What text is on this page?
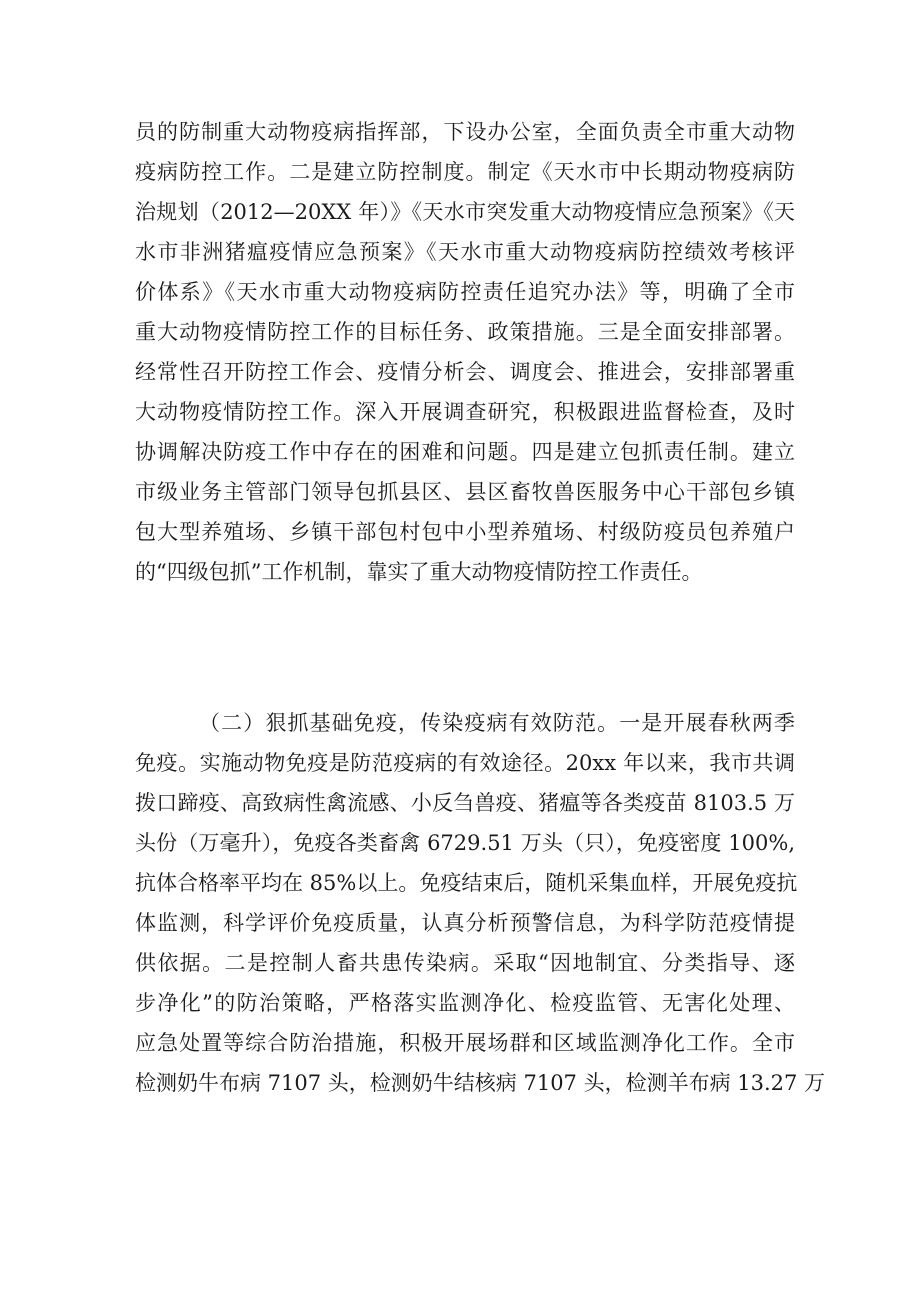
员的防制重大动物疫病指挥部，下设办公室，全面负责全市重大动物
疫病防控工作。二是建立防控制度。制定《天水市中长期动物疫病防
治规划（2012—20XX 年）》《天水市突发重大动物疫情应急预案》《天
水市非洲猪瘟疫情应急预案》《天水市重大动物疫病防控绩效考核评
价体系》《天水市重大动物疫病防控责任追究办法》等，明确了全市
重大动物疫情防控工作的目标任务、政策措施。三是全面安排部署。
经常性召开防控工作会、疫情分析会、调度会、推进会，安排部署重
大动物疫情防控工作。深入开展调查研究，积极跟进监督检查，及时
协调解决防疫工作中存在的困难和问题。四是建立包抓责任制。建立
市级业务主管部门领导包抓县区、县区畜牧兽医服务中心干部包乡镇
包大型养殖场、乡镇干部包村包中小型养殖场、村级防疫员包养殖户
的“四级包抓”工作机制，靠实了重大动物疫情防控工作责任。
（二）狠抓基础免疫，传染疫病有效防范。一是开展春秋两季
免疫。实施动物免疫是防范疫病的有效途径。20xx 年以来，我市共调
拨口蹄疫、高致病性禽流感、小反刍兽疫、猪瘟等各类疫苗 8103.5 万
头份（万毫升），免疫各类畜禽 6729.51 万头（只），免疫密度 100%,
抗体合格率平均在 85%以上。免疫结束后，随机采集血样，开展免疫抗
体监测，科学评价免疫质量，认真分析预警信息，为科学防范疫情提
供依据。二是控制人畜共患传染病。采取“因地制宜、分类指导、逐
步净化”的防治策略，严格落实监测净化、检疫监管、无害化处理、
应急处置等综合防治措施，积极开展场群和区域监测净化工作。全市
检测奶牛布病 7107 头，检测奶牛结核病 7107 头，检测羊布病 13.27 万
